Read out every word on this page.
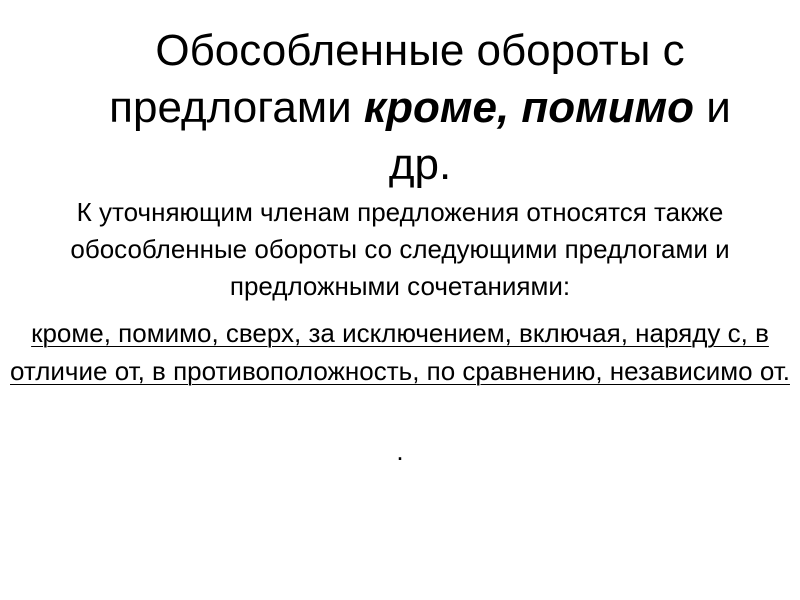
Обособленные обороты с предлогами кроме, помимо и др.

К уточняющим членам предложения относятся также обособленные обороты со следующими предлогами и предложными сочетаниями:

кроме, помимо, сверх, за исключением, включая, наряду с, в отличие от, в противоположность, по сравнению, независимо от.

.
